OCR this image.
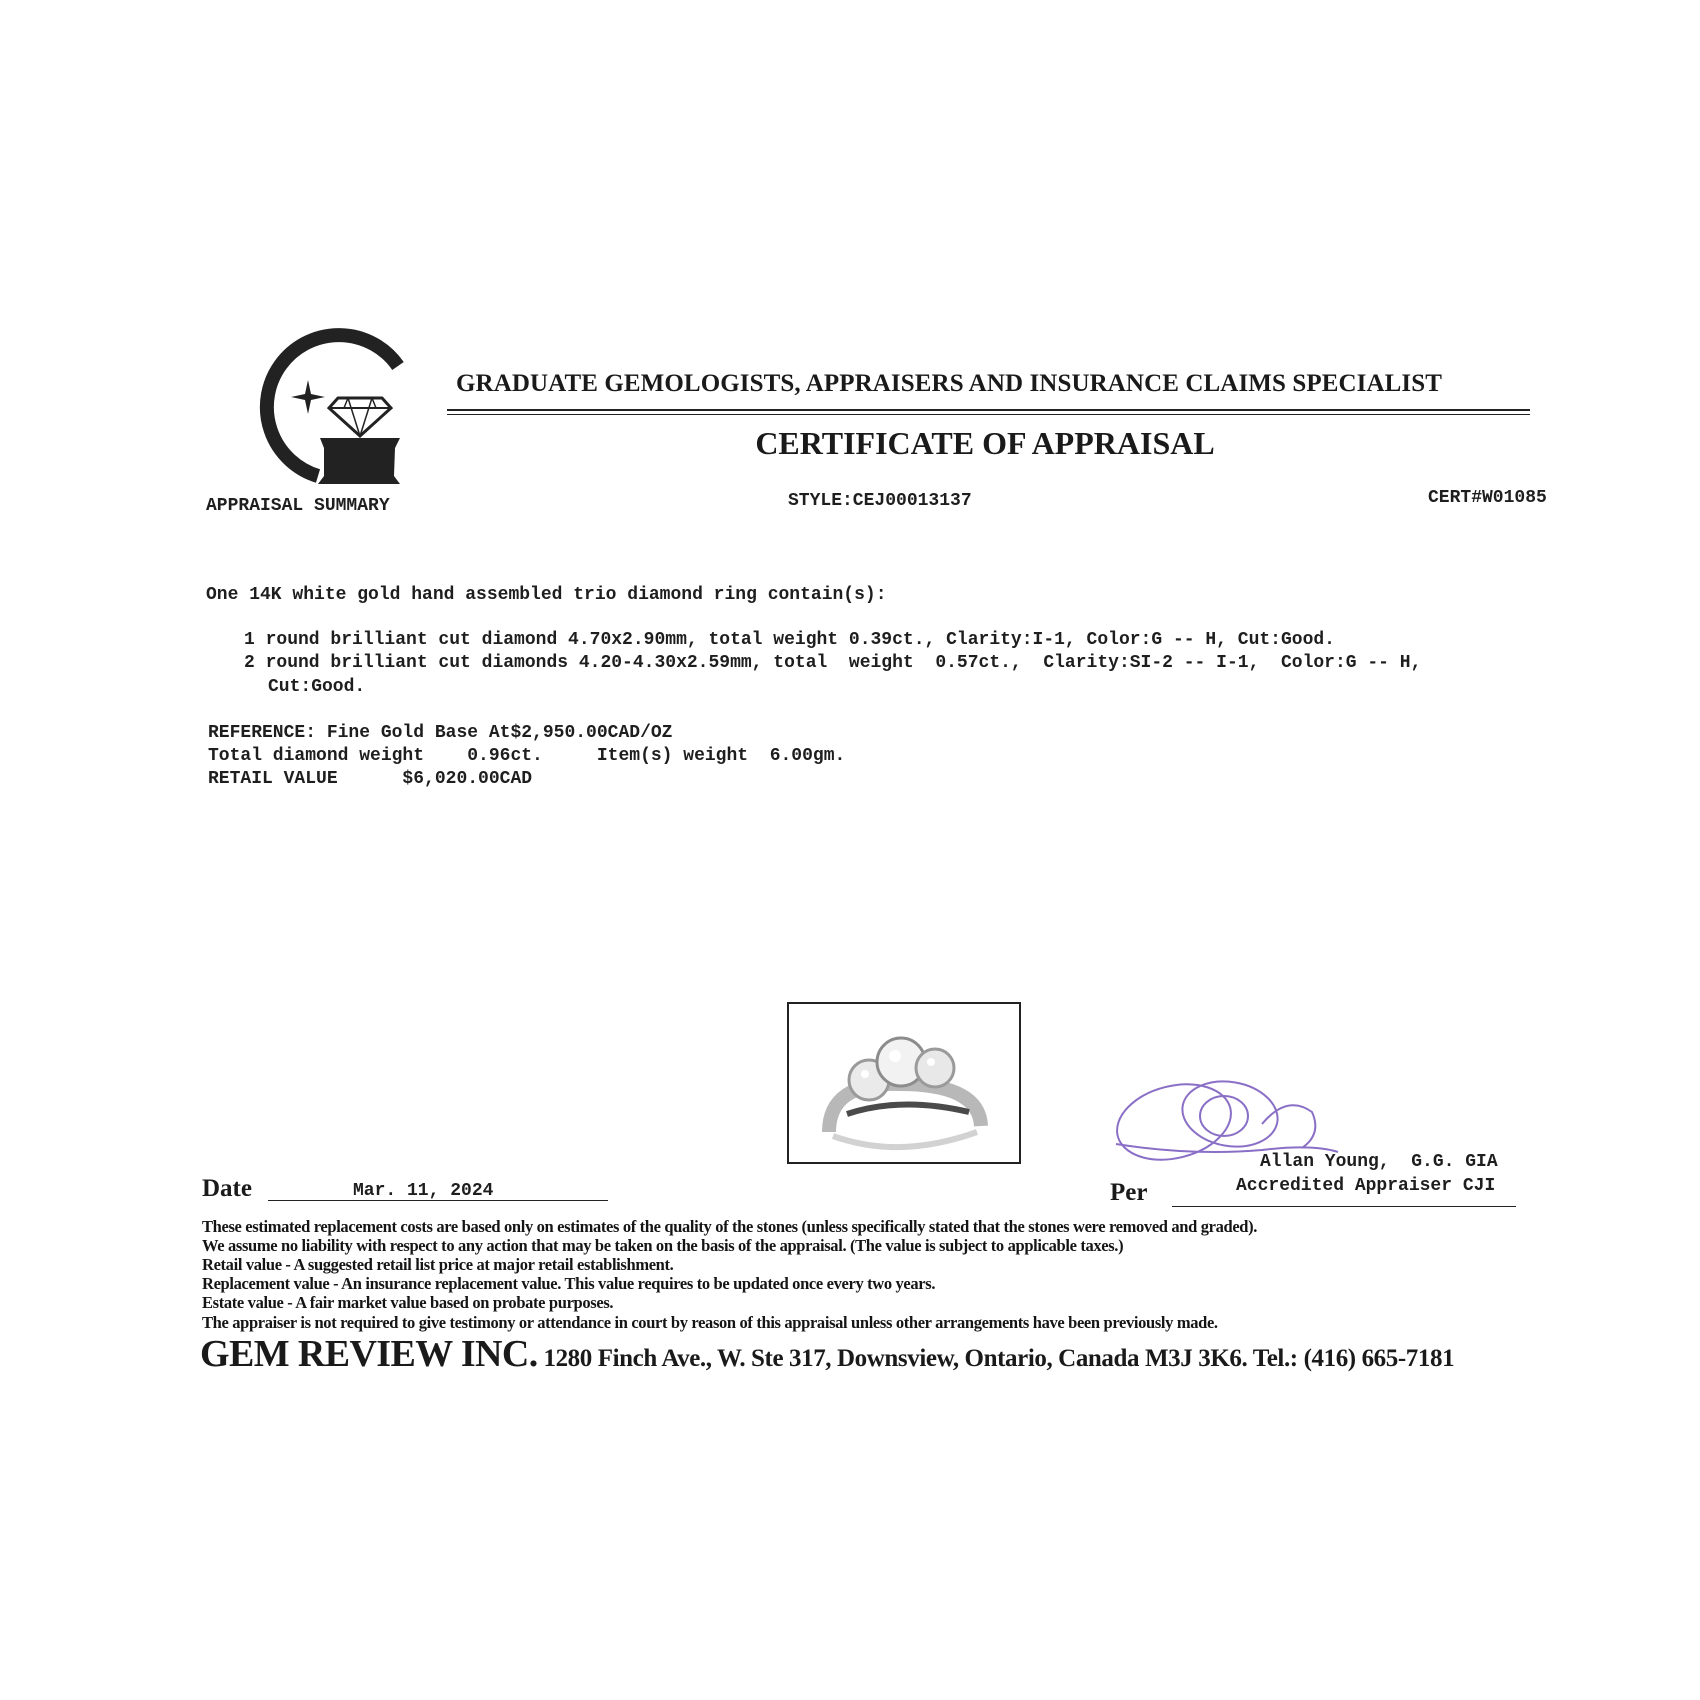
GRADUATE GEMOLOGISTS, APPRAISERS AND INSURANCE CLAIMS SPECIALIST
CERTIFICATE OF APPRAISAL
APPRAISAL SUMMARY	STYLE:CEJ00013137	CERT#W01085
One 14K white gold hand assembled trio diamond ring contain(s):
1 round brilliant cut diamond 4.70x2.90mm, total weight 0.39ct., Clarity:I-1, Color:G -- H, Cut:Good.
2 round brilliant cut diamonds 4.20-4.30x2.59mm, total  weight  0.57ct.,  Clarity:SI-2 -- I-1,  Color:G -- H,
Cut:Good.
REFERENCE: Fine Gold Base At$2,950.00CAD/OZ
Total diamond weight    0.96ct.     Item(s) weight  6.00gm.
RETAIL VALUE      $6,020.00CAD
Allan Young,  G.G. GIA
Accredited Appraiser CJI
Date	Mar. 11, 2024	Per
These estimated replacement costs are based only on estimates of the quality of the stones (unless specifically stated that the stones were removed and graded).
We assume no liability with respect to any action that may be taken on the basis of the appraisal. (The value is subject to applicable taxes.)
Retail value - A suggested retail list price at major retail establishment.
Replacement value - An insurance replacement value. This value requires to be updated once every two years.
Estate value - A fair market value based on probate purposes.
The appraiser is not required to give testimony or attendance in court by reason of this appraisal unless other arrangements have been previously made.
GEM REVIEW INC. 1280 Finch Ave., W. Ste 317, Downsview, Ontario, Canada M3J 3K6. Tel.: (416) 665-7181
